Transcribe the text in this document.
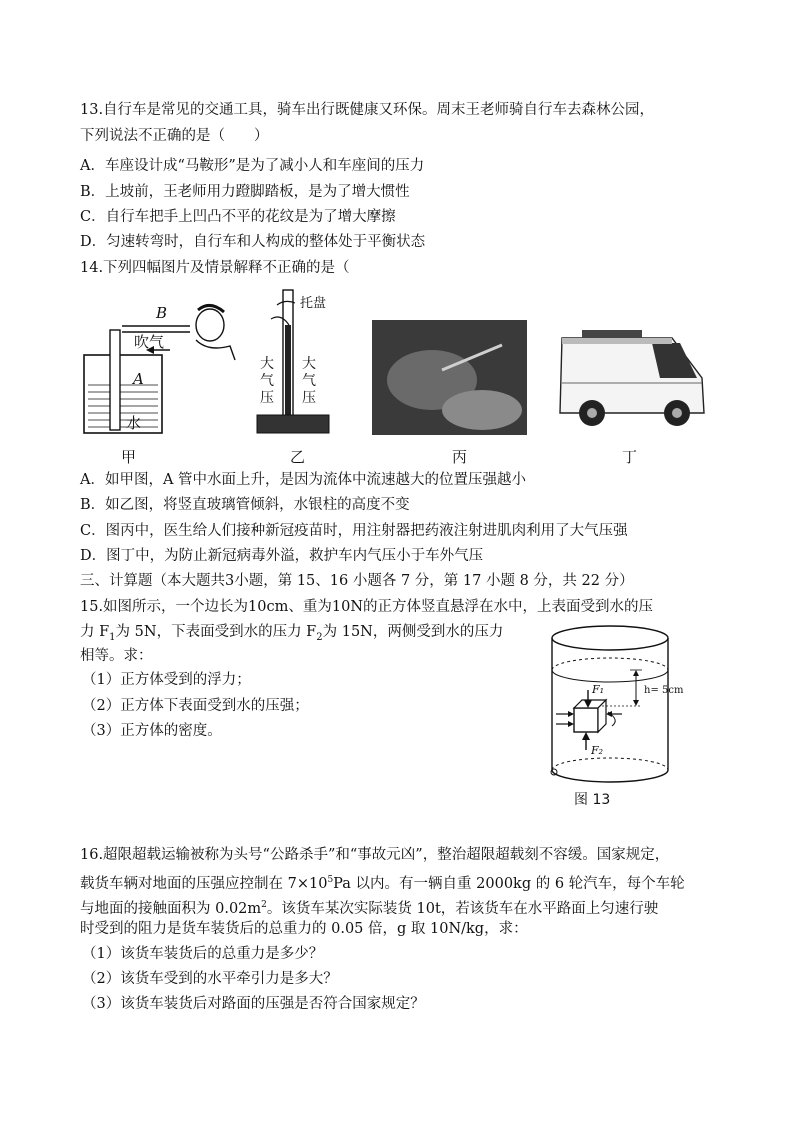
13.自行车是常见的交通工具，骑车出行既健康又环保。周末王老师骑自行车去森林公园，
下列说法不正确的是（　　）
A．车座设计成“马鞍形”是为了减小人和车座间的压力
B．上坡前，王老师用力蹬脚踏板，是为了增大惯性
C．自行车把手上凹凸不平的花纹是为了增大摩擦
D．匀速转弯时，自行车和人构成的整体处于平衡状态
14.下列四幅图片及情景解释不正确的是（
B
吹气
A
水
托盘
大气压
大气压
甲	乙	丙	丁
A．如甲图，A 管中水面上升，是因为流体中流速越大的位置压强越小
B．如乙图，将竖直玻璃管倾斜，水银柱的高度不变
C．图丙中，医生给人们接种新冠疫苗时，用注射器把药液注射进肌肉利用了大气压强
D．图丁中，为防止新冠病毒外溢，救护车内气压小于车外气压
三、计算题（本大题共3小题，第 15、16 小题各 7 分，第 17 小题 8 分，共 22 分）
15.如图所示，一个边长为10cm、重为10N的正方体竖直悬浮在水中，上表面受到水的压
力 $F_1$为 5N，下表面受到水的压力 $F_2$为 15N，两侧受到水的压力
相等。求：
（1）正方体受到的浮力；
（2）正方体下表面受到水的压强；
（3）正方体的密度。
F₁
F₂
h= 5cm
图 13
16.超限超载运输被称为头号“公路杀手”和“事故元凶”，整治超限超载刻不容缓。国家规定，
载货车辆对地面的压强应控制在 $7\times 10^5Pa$ 以内。有一辆自重 2000kg 的 6 轮汽车，每个车轮
与地面的接触面积为 $0.02m^2$。该货车某次实际装货 10t，若该货车在水平路面上匀速行驶
时受到的阻力是货车装货后的总重力的 0.05 倍，g 取 10N/kg，求：
（1）该货车装货后的总重力是多少？
（2）该货车受到的水平牵引力是多大？
（3）该货车装货后对路面的压强是否符合国家规定？
